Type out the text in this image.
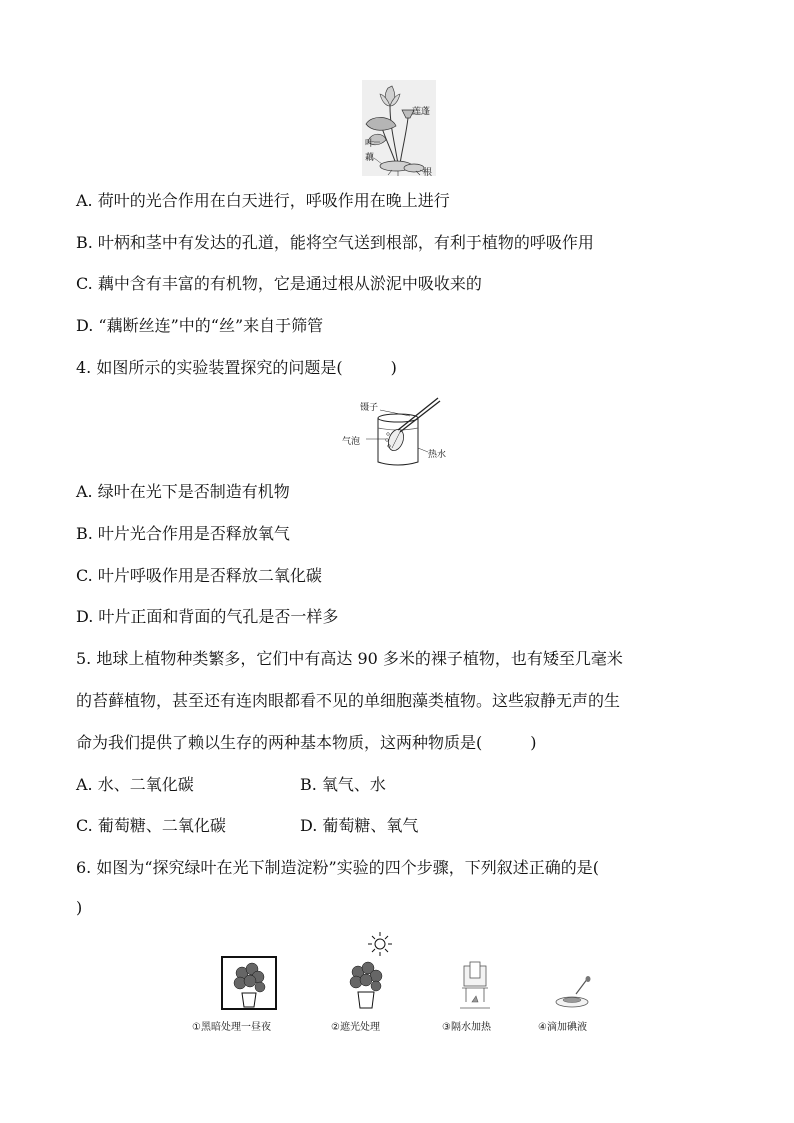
莲蓬
叶
藕
根
A. 荷叶的光合作用在白天进行，呼吸作用在晚上进行
B. 叶柄和茎中有发达的孔道，能将空气送到根部，有利于植物的呼吸作用
C. 藕中含有丰富的有机物，它是通过根从淤泥中吸收来的
D. “藕断丝连”中的“丝”来自于筛管
4. 如图所示的实验装置探究的问题是(　　　)
镊子
气泡
热水
A. 绿叶在光下是否制造有机物
B. 叶片光合作用是否释放氧气
C. 叶片呼吸作用是否释放二氧化碳
D. 叶片正面和背面的气孔是否一样多
5. 地球上植物种类繁多，它们中有高达 90 多米的裸子植物，也有矮至几毫米
的苔藓植物，甚至还有连肉眼都看不见的单细胞藻类植物。这些寂静无声的生
命为我们提供了赖以生存的两种基本物质，这两种物质是(　　　)
A. 水、二氧化碳	B. 氧气、水
C. 葡萄糖、二氧化碳	D. 葡萄糖、氧气
6. 如图为“探究绿叶在光下制造淀粉”实验的四个步骤，下列叙述正确的是(
)
①黑暗处理一昼夜	②遮光处理	③隔水加热	④滴加碘液
